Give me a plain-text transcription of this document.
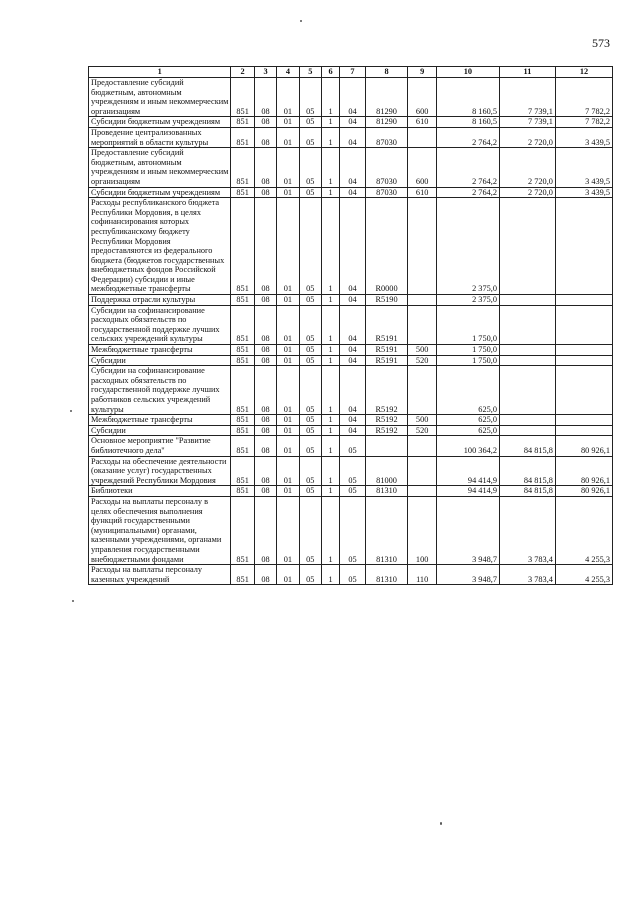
573
1	2	3	4	5	6	7	8	9	10	11	12
Предоставление субсидий бюджетным, автономным учреждениям и иным некоммерческим организациям	851	08	01	05	1	04	81290	600	8 160,5	7 739,1	7 782,2
Субсидии бюджетным учреждениям	851	08	01	05	1	04	81290	610	8 160,5	7 739,1	7 782,2
Проведение централизованных мероприятий в области культуры	851	08	01	05	1	04	87030		2 764,2	2 720,0	3 439,5
Предоставление субсидий бюджетным, автономным учреждениям и иным некоммерческим организациям	851	08	01	05	1	04	87030	600	2 764,2	2 720,0	3 439,5
Субсидии бюджетным учреждениям	851	08	01	05	1	04	87030	610	2 764,2	2 720,0	3 439,5
Расходы республиканского бюджета Республики Мордовия, в целях софинансирования которых республиканскому бюджету Республики Мордовия предоставляются из федерального бюджета (бюджетов государственных внебюджетных фондов Российской Федерации) субсидии и иные межбюджетные трансферты	851	08	01	05	1	04	R0000		2 375,0		
Поддержка отрасли культуры	851	08	01	05	1	04	R5190		2 375,0		
Субсидии на софинансирование расходных обязательств по государственной поддержке лучших сельских учреждений культуры	851	08	01	05	1	04	R5191		1 750,0		
Межбюджетные трансферты	851	08	01	05	1	04	R5191	500	1 750,0		
Субсидии	851	08	01	05	1	04	R5191	520	1 750,0		
Субсидии на софинансирование расходных обязательств по государственной поддержке лучших работников сельских учреждений культуры	851	08	01	05	1	04	R5192		625,0		
Межбюджетные трансферты	851	08	01	05	1	04	R5192	500	625,0		
Субсидии	851	08	01	05	1	04	R5192	520	625,0		
Основное мероприятие "Развитие библиотечного дела"	851	08	01	05	1	05			100 364,2	84 815,8	80 926,1
Расходы на обеспечение деятельности (оказание услуг) государственных учреждений Республики Мордовия	851	08	01	05	1	05	81000		94 414,9	84 815,8	80 926,1
Библиотеки	851	08	01	05	1	05	81310		94 414,9	84 815,8	80 926,1
Расходы на выплаты персоналу в целях обеспечения выполнения функций государственными (муниципальными) органами, казенными учреждениями, органами управления государственными внебюджетными фондами	851	08	01	05	1	05	81310	100	3 948,7	3 783,4	4 255,3
Расходы на выплаты персоналу казенных учреждений	851	08	01	05	1	05	81310	110	3 948,7	3 783,4	4 255,3
